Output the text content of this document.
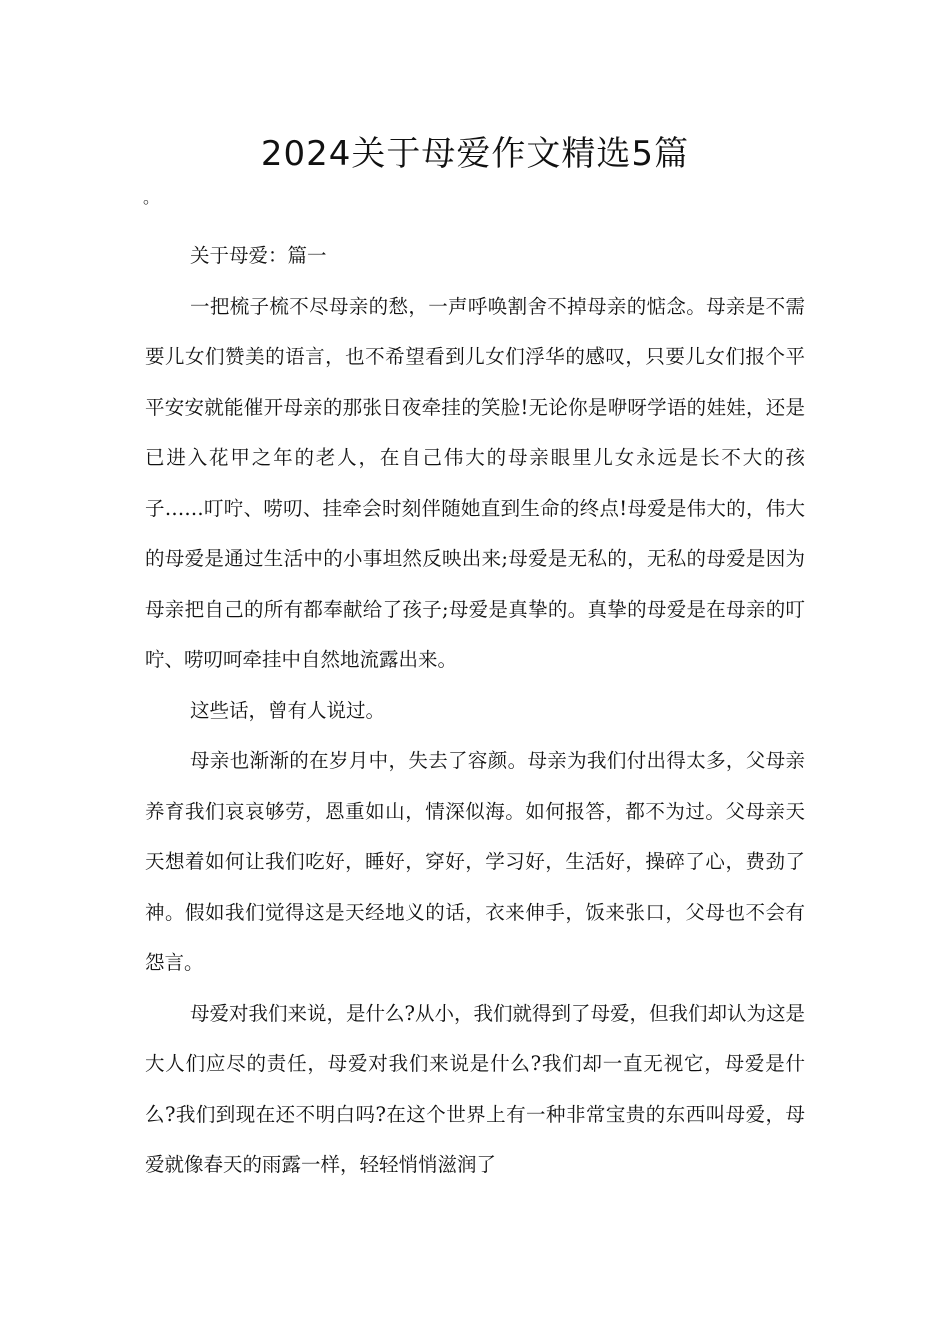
2024关于母爱作文精选5篇
。

关于母爱：篇一

一把梳子梳不尽母亲的愁，一声呼唤割舍不掉母亲的惦念。母亲是不需要儿女们赞美的语言，也不希望看到儿女们浮华的感叹，只要儿女们报个平平安安就能催开母亲的那张日夜牵挂的笑脸!无论你是咿呀学语的娃娃，还是已进入花甲之年的老人，在自己伟大的母亲眼里儿女永远是长不大的孩子……叮咛、唠叨、挂牵会时刻伴随她直到生命的终点!母爱是伟大的，伟大的母爱是通过生活中的小事坦然反映出来;母爱是无私的，无私的母爱是因为母亲把自己的所有都奉献给了孩子;母爱是真挚的。真挚的母爱是在母亲的叮咛、唠叨呵牵挂中自然地流露出来。

这些话，曾有人说过。

母亲也渐渐的在岁月中，失去了容颜。母亲为我们付出得太多，父母亲养育我们哀哀够劳，恩重如山，情深似海。如何报答，都不为过。父母亲天天想着如何让我们吃好，睡好，穿好，学习好，生活好，操碎了心，费劲了神。假如我们觉得这是天经地义的话，衣来伸手，饭来张口，父母也不会有怨言。

母爱对我们来说，是什么?从小，我们就得到了母爱，但我们却认为这是大人们应尽的责任，母爱对我们来说是什么?我们却一直无视它，母爱是什么?我们到现在还不明白吗?在这个世界上有一种非常宝贵的东西叫母爱，母爱就像春天的雨露一样，轻轻悄悄滋润了
